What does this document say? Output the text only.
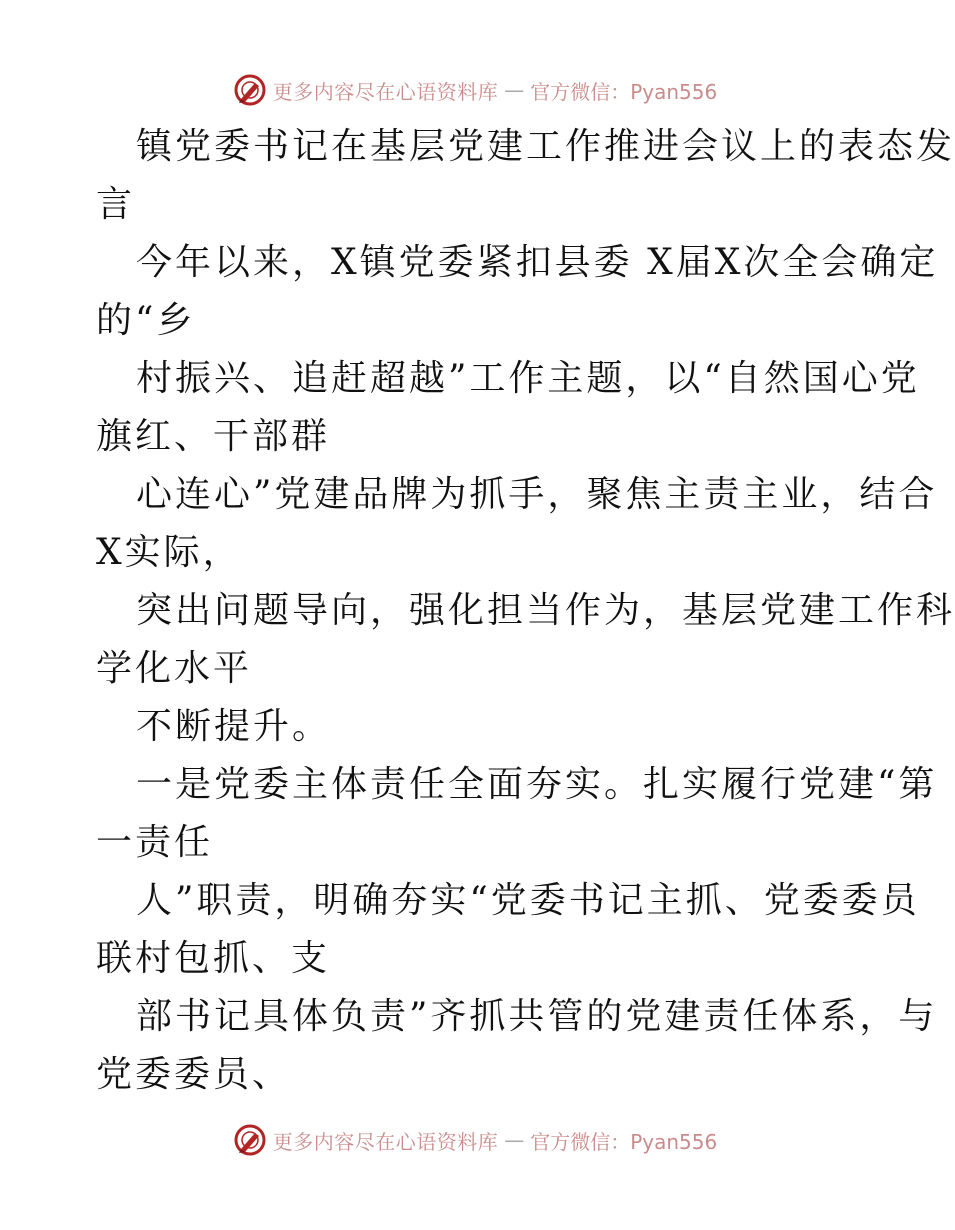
更多内容尽在心语资料库 — 官方微信：Pyan556
镇党委书记在基层党建工作推进会议上的表态发
言
今年以来，X镇党委紧扣县委 X届X次全会确定
的“乡
村振兴、追赶超越”工作主题，以“自然国心党
旗红、干部群
心连心”党建品牌为抓手，聚焦主责主业，结合
X实际，
突出问题导向，强化担当作为，基层党建工作科
学化水平
不断提升。
一是党委主体责任全面夯实。扎实履行党建“第
一责任
人”职责，明确夯实“党委书记主抓、党委委员
联村包抓、支
部书记具体负责”齐抓共管的党建责任体系，与
党委委员、
更多内容尽在心语资料库 — 官方微信：Pyan556
